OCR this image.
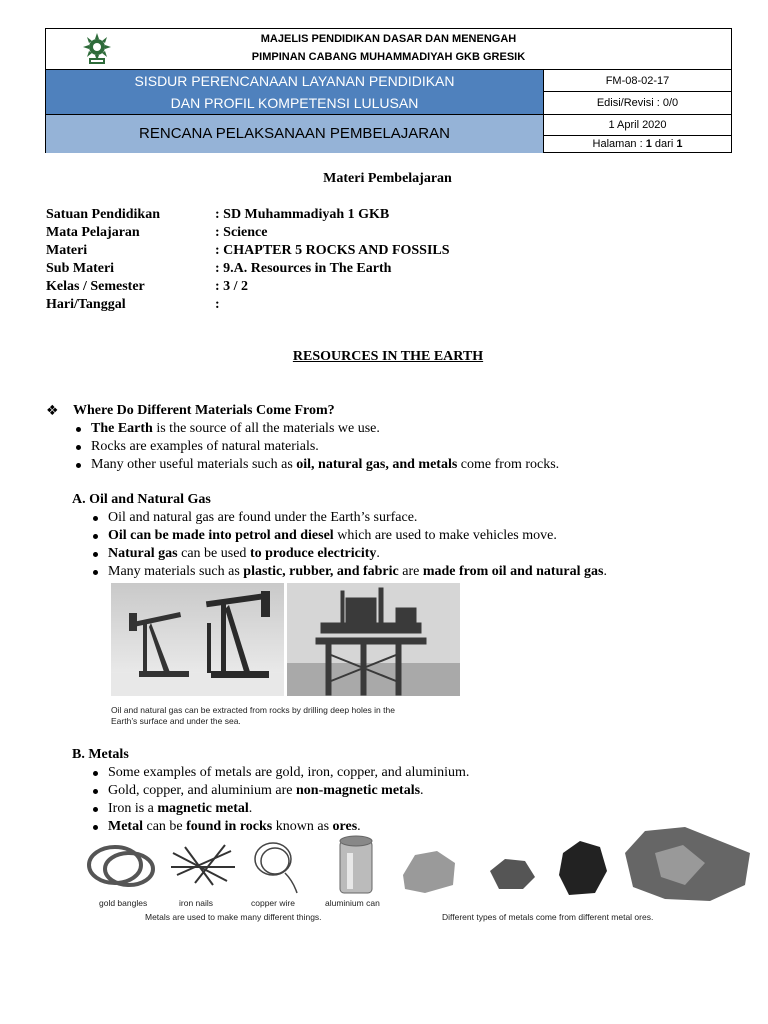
MAJELIS PENDIDIKAN DASAR DAN MENENGAH
PIMPINAN CABANG MUHAMMADIYAH GKB GRESIK
SISDUR PERENCANAAN LAYANAN PENDIDIKAN
DAN PROFIL KOMPETENSI LULUSAN
RENCANA PELAKSANAAN PEMBELAJARAN
FM-08-02-17
Edisi/Revisi : 0/0
1 April 2020
Halaman : 1 dari 1
Materi Pembelajaran
Satuan Pendidikan	: SD Muhammadiyah 1 GKB
Mata Pelajaran	: Science
Materi	: CHAPTER 5 ROCKS AND FOSSILS
Sub Materi	: 9.A. Resources in The Earth
Kelas / Semester	: 3 / 2
Hari/Tanggal	:
RESOURCES IN THE EARTH
❖	Where Do Different Materials Come From?
The Earth is the source of all the materials we use.
Rocks are examples of natural materials.
Many other useful materials such as oil, natural gas, and metals come from rocks.
A. Oil and Natural Gas
Oil and natural gas are found under the Earth’s surface.
Oil can be made into petrol and diesel which are used to make vehicles move.
Natural gas can be used to produce electricity.
Many materials such as plastic, rubber, and fabric are made from oil and natural gas.
Oil and natural gas can be extracted from rocks by drilling deep holes in the
Earth’s surface and under the sea.
B. Metals
Some examples of metals are gold, iron, copper, and aluminium.
Gold, copper, and aluminium are non-magnetic metals.
Iron is a magnetic metal.
Metal can be found in rocks known as ores.
gold bangles	iron nails	copper wire	aluminium can
Metals are used to make many different things.	Different types of metals come from different metal ores.
